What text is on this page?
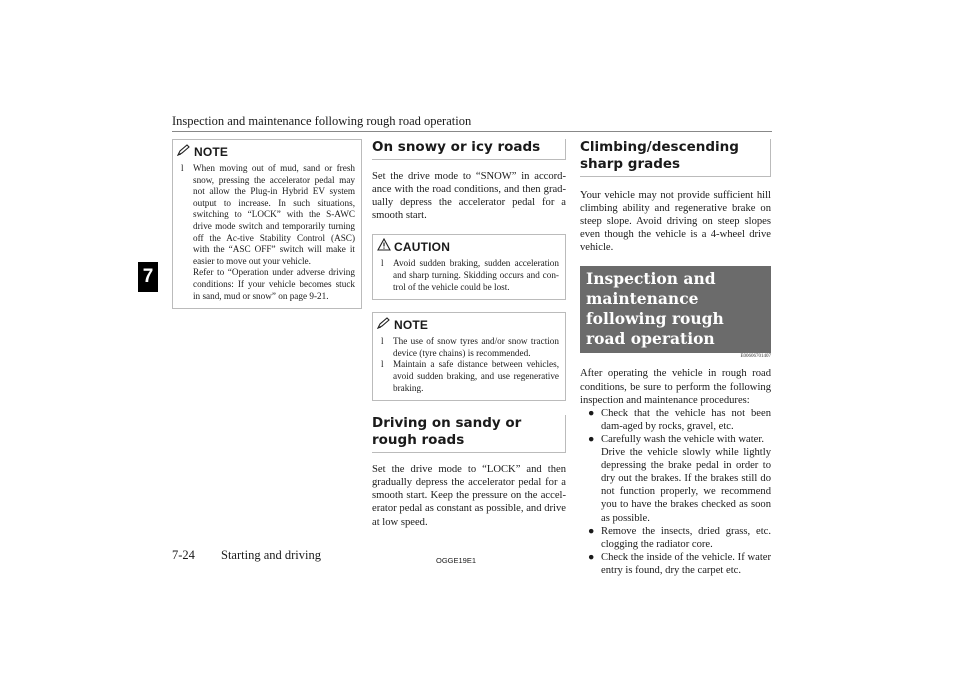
Inspection and maintenance following rough road operation
7
NOTE
l When moving out of mud, sand or fresh snow, pressing the accelerator pedal may not allow the Plug-in Hybrid EV system output to increase. In such situations, switching to “LOCK” with the S-AWC drive mode switch and temporarily turning off the Ac-tive Stability Control (ASC) with the “ASC OFF” switch will make it easier to move out your vehicle.
Refer to “Operation under adverse driving conditions: If your vehicle becomes stuck in sand, mud or snow” on page 9-21.
On snowy or icy roads
Set the drive mode to “SNOW” in accord-ance with the road conditions, and then grad-ually depress the accelerator pedal for a smooth start.
CAUTION
l Avoid sudden braking, sudden acceleration and sharp turning. Skidding occurs and con-trol of the vehicle could be lost.
NOTE
l The use of snow tyres and/or snow traction device (tyre chains) is recommended.
l Maintain a safe distance between vehicles, avoid sudden braking, and use regenerative braking.
Driving on sandy or rough roads
Set the drive mode to “LOCK” and then gradually depress the accelerator pedal for a smooth start. Keep the pressure on the accel-erator pedal as constant as possible, and drive at low speed.
Climbing/descending sharp grades
Your vehicle may not provide sufficient hill climbing ability and regenerative brake on steep slope. Avoid driving on steep slopes even though the vehicle is a 4-wheel drive vehicle.
Inspection and maintenance following rough road operation
E00606701407
After operating the vehicle in rough road conditions, be sure to perform the following inspection and maintenance procedures:
● Check that the vehicle has not been dam-aged by rocks, gravel, etc.
● Carefully wash the vehicle with water.
Drive the vehicle slowly while lightly depressing the brake pedal in order to dry out the brakes. If the brakes still do not function properly, we recommend you to have the brakes checked as soon as possible.
● Remove the insects, dried grass, etc. clogging the radiator core.
● Check the inside of the vehicle. If water entry is found, dry the carpet etc.
7-24 Starting and driving	OGGE19E1
